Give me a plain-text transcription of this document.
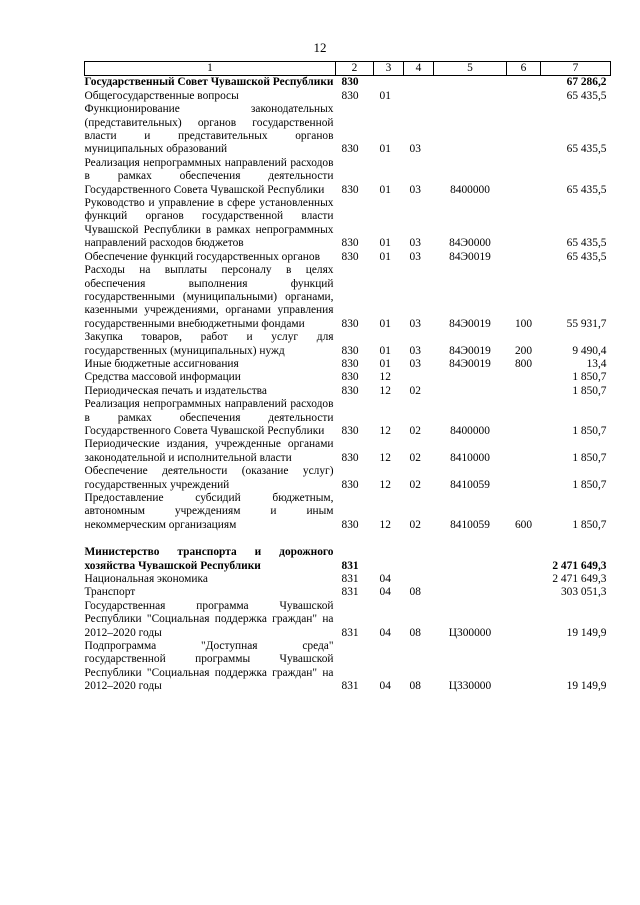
12
1	2	3	4	5	6	7
Государственный Совет Чувашской Республики	830					67 286,2
Общегосударственные вопросы	830	01				65 435,5
Функционирование законодательных (представительных) органов государственной власти и представительных органов муниципальных образований	830	01	03			65 435,5
Реализация непрограммных направлений расходов в рамках обеспечения деятельности Государственного Совета Чувашской Республики	830	01	03	8400000		65 435,5
Руководство и управление в сфере установленных функций органов государственной власти Чувашской Республики в рамках непрограммных направлений расходов бюджетов	830	01	03	84Э0000		65 435,5
Обеспечение функций государственных органов	830	01	03	84Э0019		65 435,5
Расходы на выплаты персоналу в целях обеспечения выполнения функций государственными (муниципальными) органами, казенными учреждениями, органами управления государственными внебюджетными фондами	830	01	03	84Э0019	100	55 931,7
Закупка товаров, работ и услуг для государственных (муниципальных) нужд	830	01	03	84Э0019	200	9 490,4
Иные бюджетные ассигнования	830	01	03	84Э0019	800	13,4
Средства массовой информации	830	12				1 850,7
Периодическая печать и издательства	830	12	02			1 850,7
Реализация непрограммных направлений расходов в рамках обеспечения деятельности Государственного Совета Чувашской Республики	830	12	02	8400000		1 850,7
Периодические издания, учрежденные органами законодательной и исполнительной власти	830	12	02	8410000		1 850,7
Обеспечение деятельности (оказание услуг) государственных учреждений	830	12	02	8410059		1 850,7
Предоставление субсидий бюджетным, автономным учреждениям и иным некоммерческим организациям	830	12	02	8410059	600	1 850,7

Министерство транспорта и дорожного хозяйства Чувашской Республики	831					2 471 649,3
Национальная экономика	831	04				2 471 649,3
Транспорт	831	04	08			303 051,3
Государственная программа Чувашской Республики "Социальная поддержка граждан" на 2012–2020 годы	831	04	08	Ц300000		19 149,9
Подпрограмма "Доступная среда" государственной программы Чувашской Республики "Социальная поддержка граждан" на 2012–2020 годы	831	04	08	Ц330000		19 149,9
